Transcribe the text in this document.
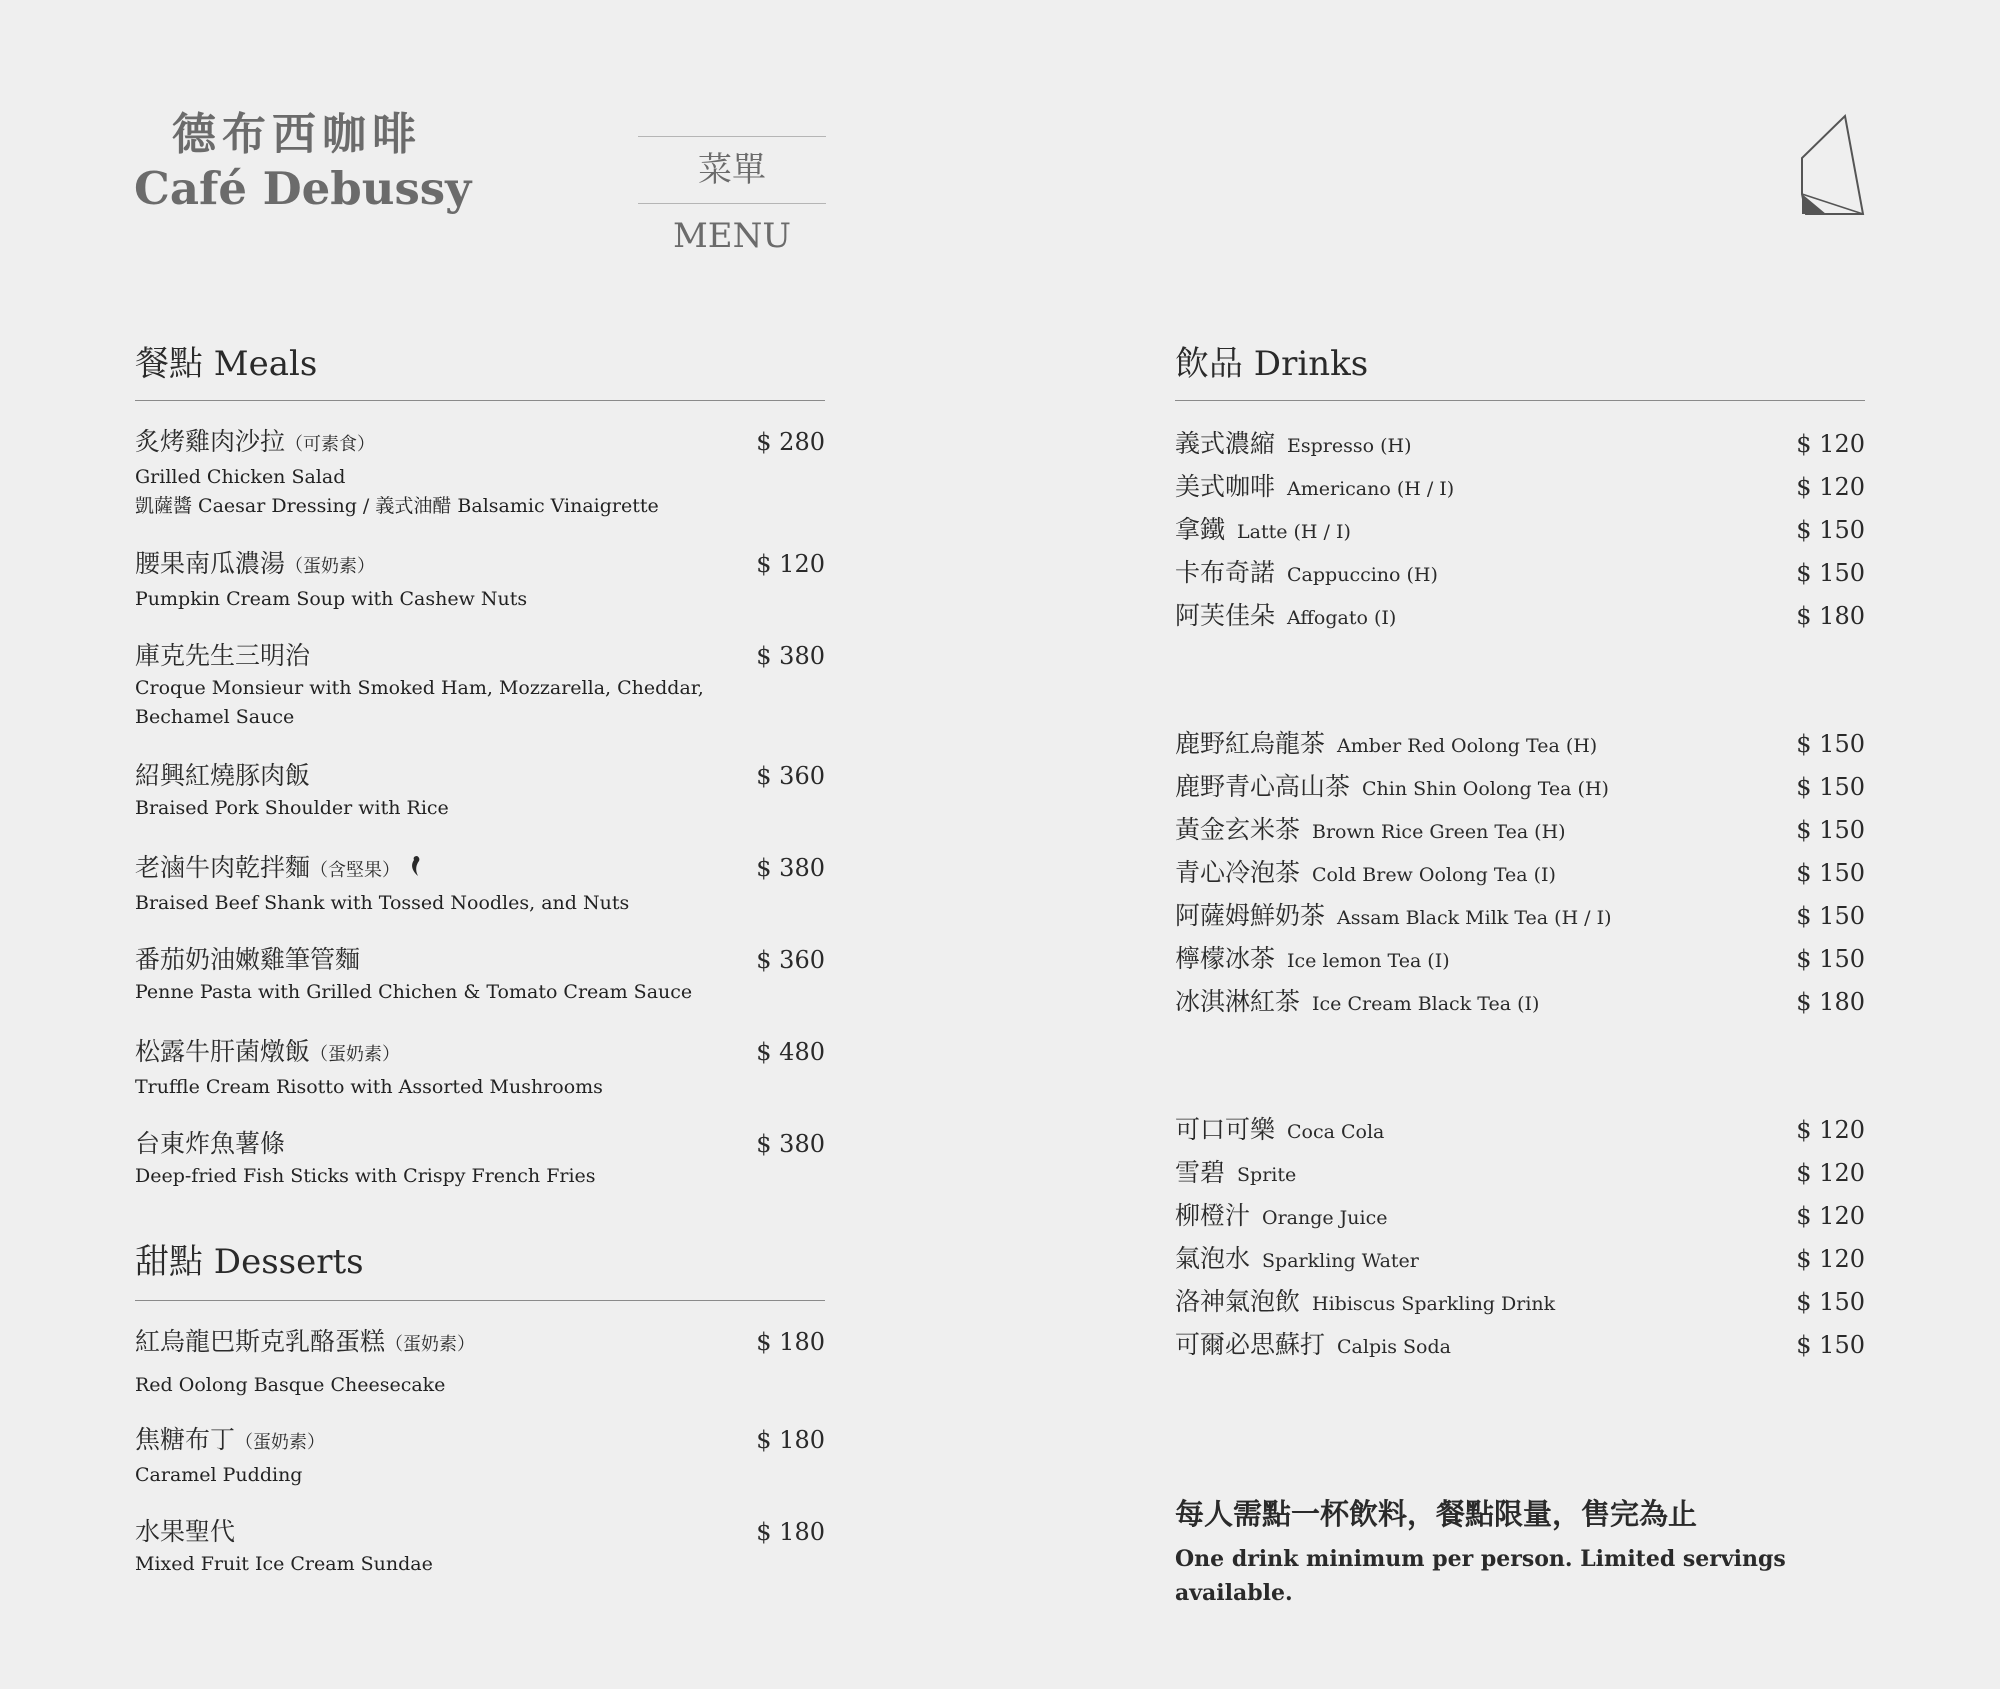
德布西咖啡
Café Debussy	菜單 MENU
餐點 Meals
炙烤雞肉沙拉（可素食）	$ 280
Grilled Chicken Salad
凱薩醬 Caesar Dressing / 義式油醋 Balsamic Vinaigrette
腰果南瓜濃湯（蛋奶素）	$ 120
Pumpkin Cream Soup with Cashew Nuts
庫克先生三明治	$ 380
Croque Monsieur with Smoked Ham, Mozzarella, Cheddar,
Bechamel Sauce
紹興紅燒豚肉飯	$ 360
Braised Pork Shoulder with Rice
老滷牛肉乾拌麵（含堅果）	$ 380
Braised Beef Shank with Tossed Noodles, and Nuts
番茄奶油嫩雞筆管麵	$ 360
Penne Pasta with Grilled Chichen & Tomato Cream Sauce
松露牛肝菌燉飯（蛋奶素）	$ 480
Truffle Cream Risotto with Assorted Mushrooms
台東炸魚薯條	$ 380
Deep-fried Fish Sticks with Crispy French Fries
甜點 Desserts
紅烏龍巴斯克乳酪蛋糕（蛋奶素）	$ 180
Red Oolong Basque Cheesecake
焦糖布丁（蛋奶素）	$ 180
Caramel Pudding
水果聖代	$ 180
Mixed Fruit Ice Cream Sundae
飲品 Drinks
義式濃縮 Espresso (H)	$ 120
美式咖啡 Americano (H / I)	$ 120
拿鐵 Latte (H / I)	$ 150
卡布奇諾 Cappuccino (H)	$ 150
阿芙佳朵 Affogato (I)	$ 180
鹿野紅烏龍茶 Amber Red Oolong Tea (H)	$ 150
鹿野青心高山茶 Chin Shin Oolong Tea (H)	$ 150
黃金玄米茶 Brown Rice Green Tea (H)	$ 150
青心冷泡茶 Cold Brew Oolong Tea (I)	$ 150
阿薩姆鮮奶茶 Assam Black Milk Tea (H / I)	$ 150
檸檬冰茶 Ice lemon Tea (I)	$ 150
冰淇淋紅茶 Ice Cream Black Tea (I)	$ 180
可口可樂 Coca Cola	$ 120
雪碧 Sprite	$ 120
柳橙汁 Orange Juice	$ 120
氣泡水 Sparkling Water	$ 120
洛神氣泡飲 Hibiscus Sparkling Drink	$ 150
可爾必思蘇打 Calpis Soda	$ 150
每人需點一杯飲料，餐點限量，售完為止
One drink minimum per person. Limited servings available.
